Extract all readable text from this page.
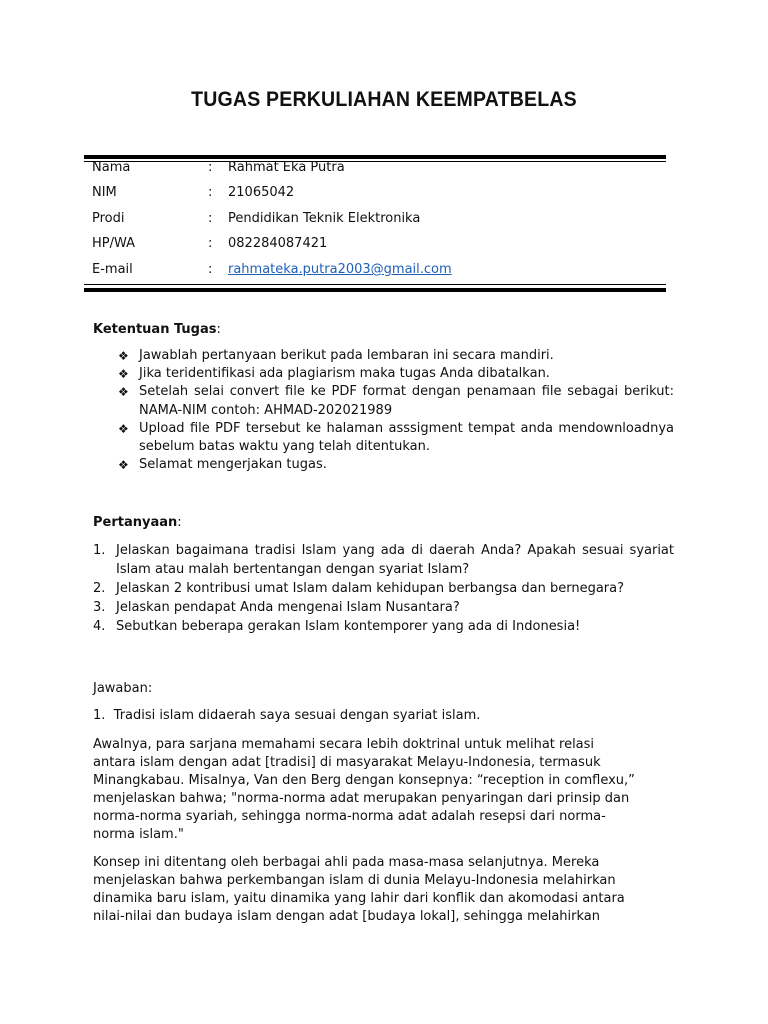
TUGAS PERKULIAHAN KEEMPATBELAS
Nama	: Rahmat Eka Putra
NIM	: 21065042
Prodi	: Pendidikan Teknik Elektronika
HP/WA	: 082284087421
E-mail	: rahmateka.putra2003@gmail.com
Ketentuan Tugas:
❖ Jawablah pertanyaan berikut pada lembaran ini secara mandiri.
❖ Jika teridentifikasi ada plagiarism maka tugas Anda dibatalkan.
❖ Setelah selai convert file ke PDF format dengan penamaan file sebagai berikut: NAMA-NIM contoh: AHMAD-202021989
❖ Upload file PDF tersebut ke halaman asssigment tempat anda mendownloadnya sebelum batas waktu yang telah ditentukan.
❖ Selamat mengerjakan tugas.
Pertanyaan:
1. Jelaskan bagaimana tradisi Islam yang ada di daerah Anda? Apakah sesuai syariat Islam atau malah bertentangan dengan syariat Islam?
2. Jelaskan 2 kontribusi umat Islam dalam kehidupan berbangsa dan bernegara?
3. Jelaskan pendapat Anda mengenai Islam Nusantara?
4. Sebutkan beberapa gerakan Islam kontemporer yang ada di Indonesia!
Jawaban:
1.  Tradisi islam didaerah saya sesuai dengan syariat islam.
Awalnya, para sarjana memahami secara lebih doktrinal untuk melihat relasi
antara islam dengan adat [tradisi] di masyarakat Melayu-Indonesia, termasuk
Minangkabau. Misalnya, Van den Berg dengan konsepnya: “reception in comflexu,”
menjelaskan bahwa; "norma-norma adat merupakan penyaringan dari prinsip dan
norma-norma syariah, sehingga norma-norma adat adalah resepsi dari norma-
norma islam."
Konsep ini ditentang oleh berbagai ahli pada masa-masa selanjutnya. Mereka
menjelaskan bahwa perkembangan islam di dunia Melayu-Indonesia melahirkan
dinamika baru islam, yaitu dinamika yang lahir dari konflik dan akomodasi antara
nilai-nilai dan budaya islam dengan adat [budaya lokal], sehingga melahirkan
